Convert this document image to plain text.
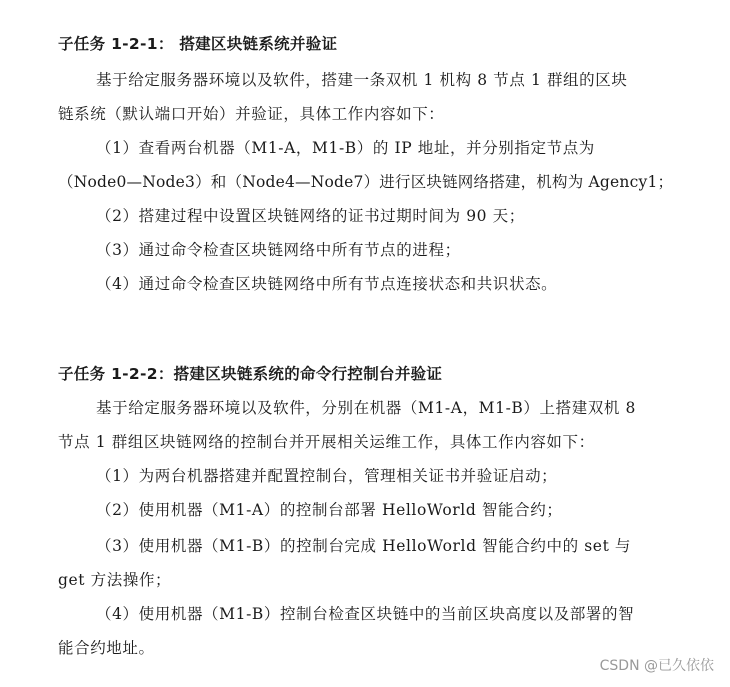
子任务 1-2-1： 搭建区块链系统并验证
基于给定服务器环境以及软件，搭建一条双机 1 机构 8 节点 1 群组的区块
链系统（默认端口开始）并验证，具体工作内容如下：
（1）查看两台机器（M1-A，M1-B）的 IP 地址，并分别指定节点为
（Node0—Node3）和（Node4—Node7）进行区块链网络搭建，机构为 Agency1；
（2）搭建过程中设置区块链网络的证书过期时间为 90 天；
（3）通过命令检查区块链网络中所有节点的进程；
（4）通过命令检查区块链网络中所有节点连接状态和共识状态。
子任务 1-2-2：搭建区块链系统的命令行控制台并验证
基于给定服务器环境以及软件，分别在机器（M1-A，M1-B）上搭建双机 8
节点 1 群组区块链网络的控制台并开展相关运维工作，具体工作内容如下：
（1）为两台机器搭建并配置控制台，管理相关证书并验证启动；
（2）使用机器（M1-A）的控制台部署 HelloWorld 智能合约；
（3）使用机器（M1-B）的控制台完成 HelloWorld 智能合约中的 set 与
get 方法操作；
（4）使用机器（M1-B）控制台检查区块链中的当前区块高度以及部署的智
能合约地址。
CSDN @已久依依
